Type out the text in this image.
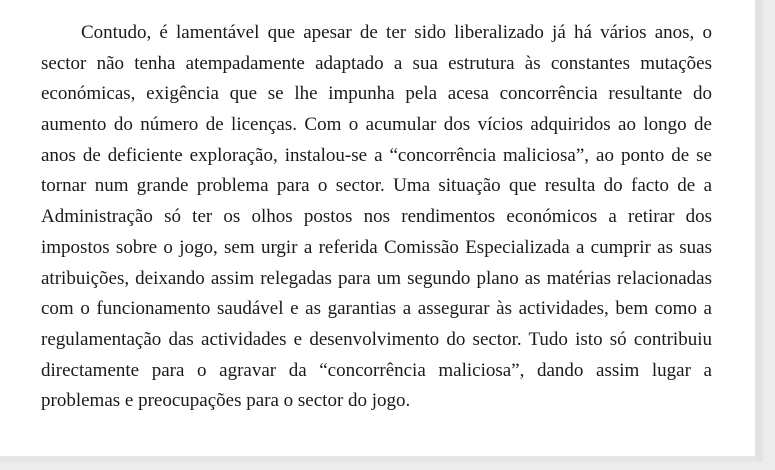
Contudo, é lamentável que apesar de ter sido liberalizado já há vários anos, o
sector não tenha atempadamente adaptado a sua estrutura às constantes mutações
económicas, exigência que se lhe impunha pela acesa concorrência resultante do
aumento do número de licenças. Com o acumular dos vícios adquiridos ao longo de
anos de deficiente exploração, instalou-se a “concorrência maliciosa”, ao ponto de se
tornar num grande problema para o sector. Uma situação que resulta do facto de a
Administração só ter os olhos postos nos rendimentos económicos a retirar dos
impostos sobre o jogo, sem urgir a referida Comissão Especializada a cumprir as suas
atribuições, deixando assim relegadas para um segundo plano as matérias relacionadas
com o funcionamento saudável e as garantias a assegurar às actividades, bem como a
regulamentação das actividades e desenvolvimento do sector. Tudo isto só contribuiu
directamente para o agravar da “concorrência maliciosa”, dando assim lugar a
problemas e preocupações para o sector do jogo.
